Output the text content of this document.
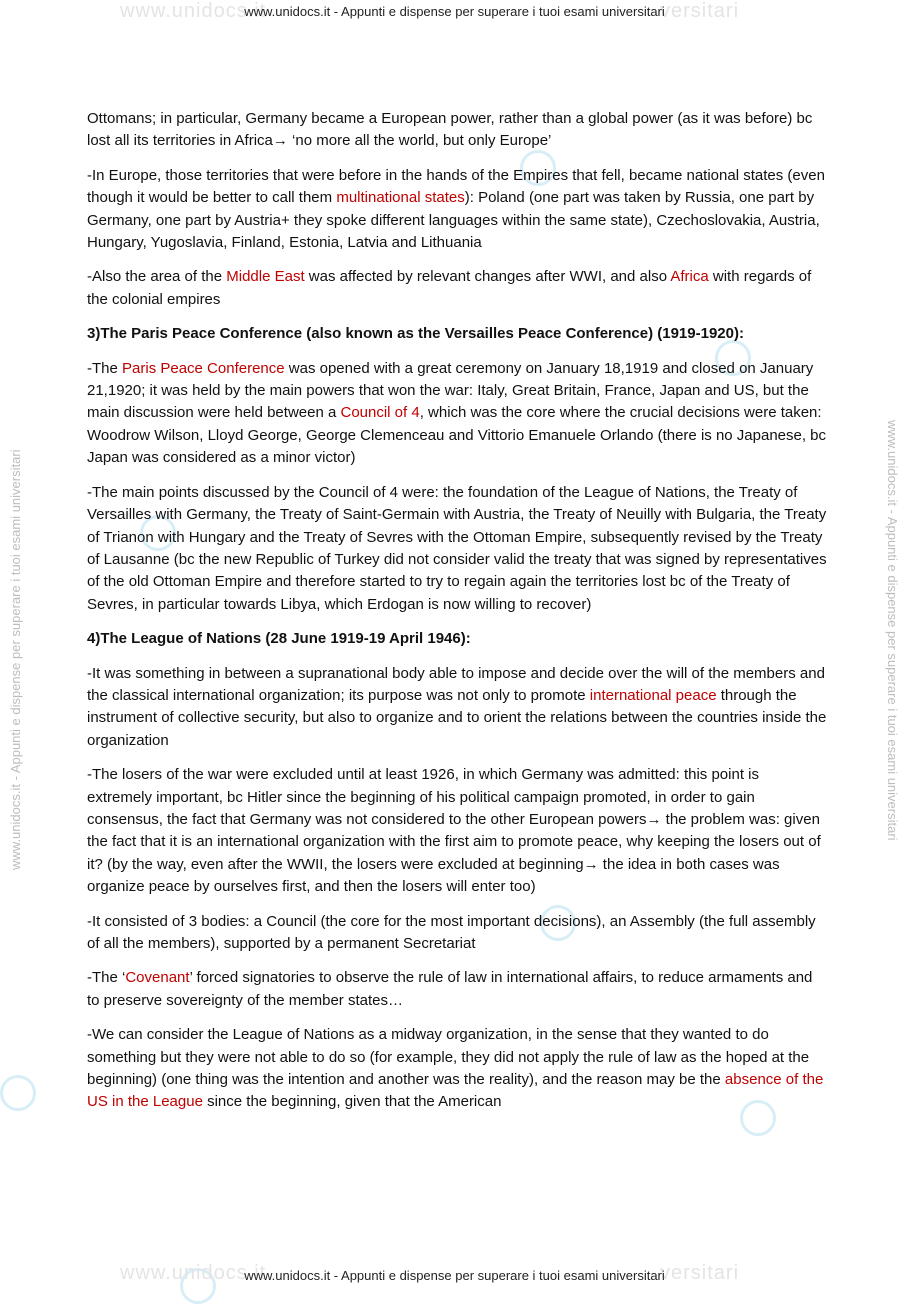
www.unidocs.it	versitari
www.unidocs.it - Appunti e dispense per superare i tuoi esami universitari
www.unidocs.it - Appunti e dispense per superare i tuoi esami universitari	www.unidocs.it - Appunti e dispense per superare i tuoi esami universitari

Ottomans; in particular, Germany became a European power, rather than a global power (as it was before) bc lost all its territories in Africa→ ‘no more all the world, but only Europe’

-In Europe, those territories that were before in the hands of the Empires that fell, became national states (even though it would be better to call them multinational states): Poland (one part was taken by Russia, one part by Germany, one part by Austria+ they spoke different languages within the same state), Czechoslovakia, Austria, Hungary, Yugoslavia, Finland, Estonia, Latvia and Lithuania

-Also the area of the Middle East was affected by relevant changes after WWI, and also Africa with regards of the colonial empires

3)The Paris Peace Conference (also known as the Versailles Peace Conference) (1919-1920):

-The Paris Peace Conference was opened with a great ceremony on January 18,1919 and closed on January 21,1920; it was held by the main powers that won the war: Italy, Great Britain, France, Japan and US, but the main discussion were held between a Council of 4, which was the core where the crucial decisions were taken: Woodrow Wilson, Lloyd George, George Clemenceau and Vittorio Emanuele Orlando (there is no Japanese, bc Japan was considered as a minor victor)

-The main points discussed by the Council of 4 were: the foundation of the League of Nations, the Treaty of Versailles with Germany, the Treaty of Saint-Germain with Austria, the Treaty of Neuilly with Bulgaria, the Treaty of Trianon with Hungary and the Treaty of Sevres with the Ottoman Empire, subsequently revised by the Treaty of Lausanne (bc the new Republic of Turkey did not consider valid the treaty that was signed by representatives of the old Ottoman Empire and therefore started to try to regain again the territories lost bc of the Treaty of Sevres, in particular towards Libya, which Erdogan is now willing to recover)

4)The League of Nations (28 June 1919-19 April 1946):

-It was something in between a supranational body able to impose and decide over the will of the members and the classical international organization; its purpose was not only to promote international peace through the instrument of collective security, but also to organize and to orient the relations between the countries inside the organization

-The losers of the war were excluded until at least 1926, in which Germany was admitted: this point is extremely important, bc Hitler since the beginning of his political campaign promoted, in order to gain consensus, the fact that Germany was not considered to the other European powers→ the problem was: given the fact that it is an international organization with the first aim to promote peace, why keeping the losers out of it? (by the way, even after the WWII, the losers were excluded at beginning→ the idea in both cases was organize peace by ourselves first, and then the losers will enter too)

-It consisted of 3 bodies: a Council (the core for the most important decisions), an Assembly (the full assembly of all the members), supported by a permanent Secretariat

-The ‘Covenant’ forced signatories to observe the rule of law in international affairs, to reduce armaments and to preserve sovereignty of the member states…

-We can consider the League of Nations as a midway organization, in the sense that they wanted to do something but they were not able to do so (for example, they did not apply the rule of law as the hoped at the beginning) (one thing was the intention and another was the reality), and the reason may be the absence of the US in the League since the beginning, given that the American

www.unidocs.it	versitari
www.unidocs.it - Appunti e dispense per superare i tuoi esami universitari
